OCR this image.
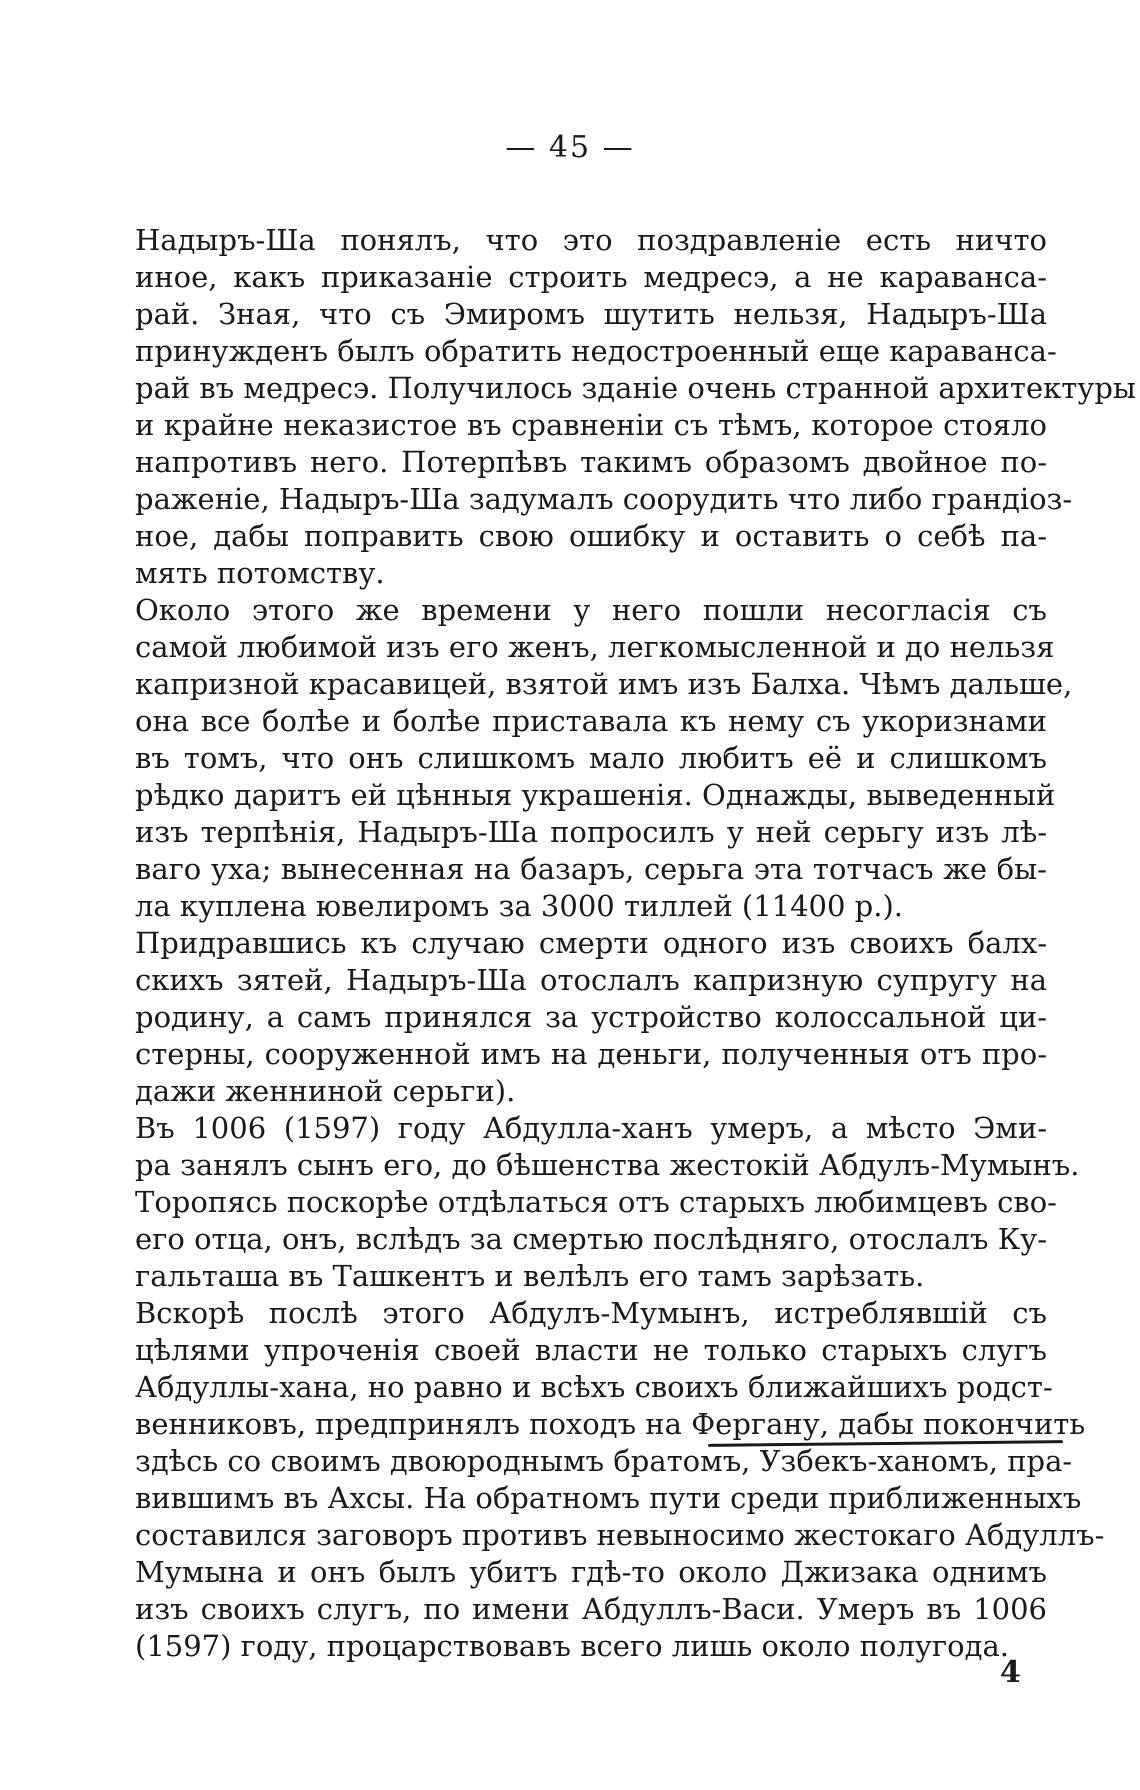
— 45 —
Надыръ-Ша понялъ, что это поздравленіе есть ничто
иное, какъ приказаніе строить медресэ, а не каравансa-
рай. Зная, что съ Эмиромъ шутить нельзя, Надыръ-Ша
принужденъ былъ обратить недостроенный еще каравансa-
рай въ медресэ. Получилось зданіе очень странной архитектуры
и крайне неказистое въ сравненіи съ тѣмъ, которое стояло
напротивъ него. Потерпѣвъ такимъ образомъ двойное по-
раженіе, Надыръ-Ша задумалъ соорудить что либо грандіоз-
ное, дабы поправить свою ошибку и оставить о себѣ па-
мять потомству.
Около этого же времени у него пошли несогласія съ
самой любимой изъ его женъ, легкомысленной и до нельзя
капризной красавицей, взятой имъ изъ Балха. Чѣмъ дальше,
она все болѣе и болѣе приставала къ нему съ укоризнами
въ томъ, что онъ слишкомъ мало любитъ её и слишкомъ
рѣдко даритъ ей цѣнныя украшенія. Однажды, выведенный
изъ терпѣнія, Надыръ-Ша попросилъ у ней серьгу изъ лѣ-
ваго уха; вынесенная на базаръ, серьга эта тотчасъ же бы-
ла куплена ювелиромъ за 3000 тиллей (11400 р.).
Придравшись къ случаю смерти одного изъ своихъ балх-
скихъ зятей, Надыръ-Ша отослалъ капризную супругу на
родину, а самъ принялся за устройство колоссальной ци-
стерны, сооруженной имъ на деньги, полученныя отъ про-
дажи женниной серьги).
Въ 1006 (1597) году Абдулла-ханъ умеръ, а мѣсто Эми-
ра занялъ сынъ его, до бѣшенства жестокій Абдулъ-Мумынъ.
Торопясь поскорѣе отдѣлаться отъ старыхъ любимцевъ сво-
его отца, онъ, вслѣдъ за смертью послѣдняго, отослалъ Ку-
гальташа въ Ташкентъ и велѣлъ его тамъ зарѣзать.
Вскорѣ послѣ этого Абдулъ-Мумынъ, истреблявшій съ
цѣлями упроченія своей власти не только старыхъ слугъ
Абдуллы-хана, но равно и всѣхъ своихъ ближайшихъ родст-
венниковъ, предпринялъ походъ на Фергану, дабы покончить
здѣсь со своимъ двоюроднымъ братомъ, Узбекъ-ханомъ, пра-
вившимъ въ Ахсы. На обратномъ пути среди приближенныхъ
составился заговоръ противъ невыносимо жестокаго Абдуллъ-
Мумына и онъ былъ убитъ гдѣ-то около Джизака однимъ
изъ своихъ слугъ, по имени Абдуллъ-Васи. Умеръ въ 1006
(1597) году, процарствовавъ всего лишь около полугода.
4
